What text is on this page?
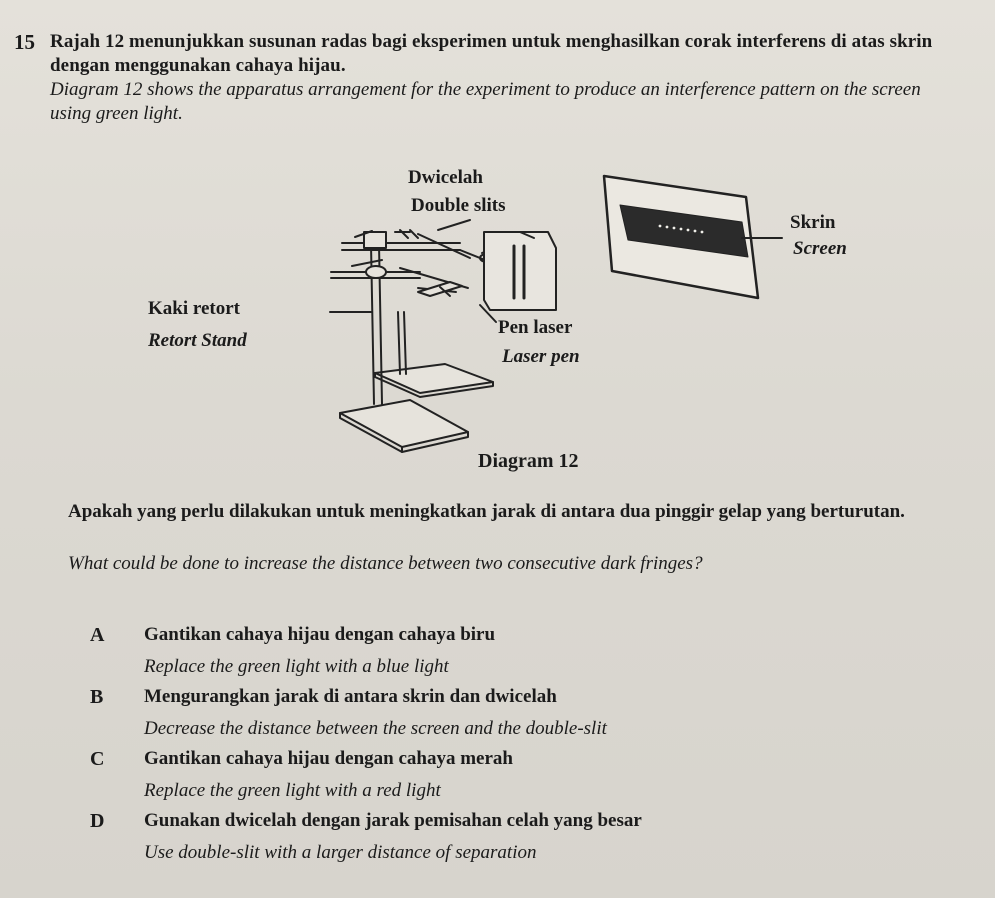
15 Rajah 12 menunjukkan susunan radas bagi eksperimen untuk menghasilkan corak interferens di atas skrin dengan menggunakan cahaya hijau.
Diagram 12 shows the apparatus arrangement for the experiment to produce an interference pattern on the screen using green light.
Dwicelah
Double slits
Skrin
Screen
Kaki retort
Retort Stand
Pen laser
Laser pen
Diagram 12
Apakah yang perlu dilakukan untuk meningkatkan jarak di antara dua pinggir gelap yang berturutan.
What could be done to increase the distance between two consecutive dark fringes?
A Gantikan cahaya hijau dengan cahaya biru
Replace the green light with a blue light
B Mengurangkan jarak di antara skrin dan dwicelah
Decrease the distance between the screen and the double-slit
C Gantikan cahaya hijau dengan cahaya merah
Replace the green light with a red light
D Gunakan dwicelah dengan jarak pemisahan celah yang besar
Use double-slit with a larger distance of separation
